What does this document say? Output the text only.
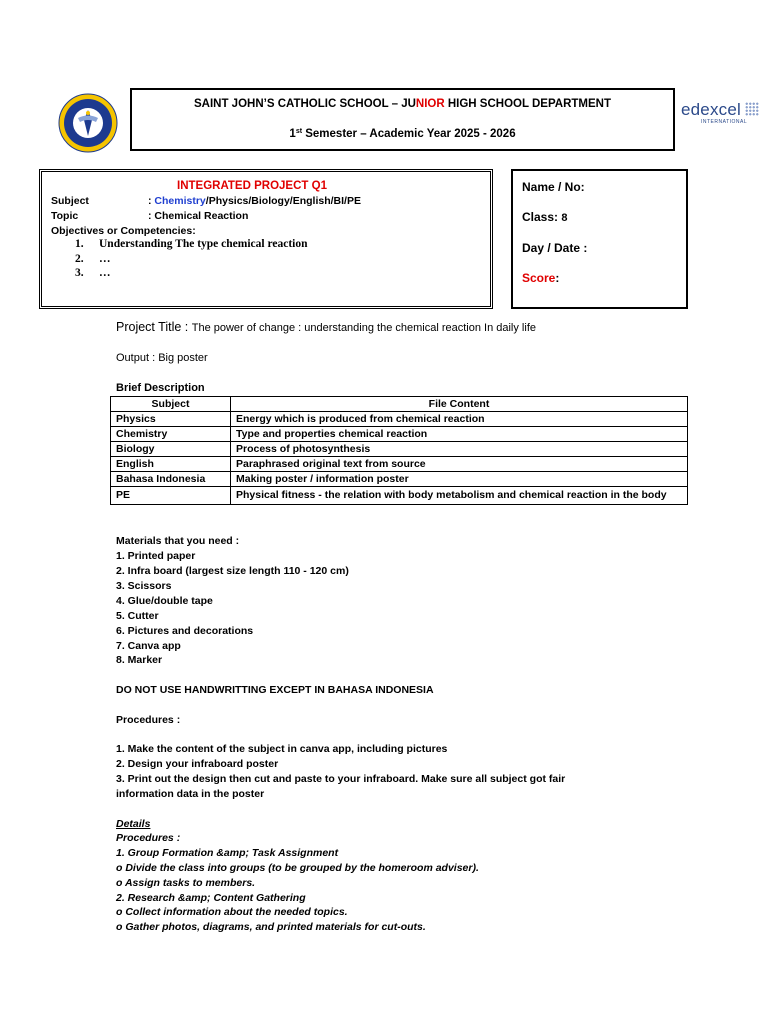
edexcel
INTERNATIONAL
SAINT JOHN’S CATHOLIC SCHOOL – JUNIOR HIGH SCHOOL DEPARTMENT
1st Semester – Academic Year 2025 - 2026
INTEGRATED PROJECT Q1
Subject	: Chemistry/Physics/Biology/English/BI/PE
Topic	: Chemical Reaction
Objectives or Competencies:
1. Understanding The type chemical reaction
2. …
3. …
Name / No:
Class: 8
Day / Date :
Score:
Project Title : The power of change : understanding the chemical reaction In daily life
Output : Big poster
Brief Description
Subject	File Content
Physics	Energy which is produced from chemical reaction
Chemistry	Type and properties chemical reaction
Biology	Process of photosynthesis
English	Paraphrased original text from source
Bahasa Indonesia	Making poster / information poster
PE	Physical fitness - the relation with body metabolism and chemical reaction in the body
Materials that you need :
1. Printed paper
2. Infra board (largest size length 110 - 120 cm)
3. Scissors
4. Glue/double tape
5. Cutter
6. Pictures and decorations
7. Canva app
8. Marker
DO NOT USE HANDWRITTING EXCEPT IN BAHASA INDONESIA
Procedures :
1. Make the content of the subject in canva app, including pictures
2. Design your infraboard poster
3. Print out the design then cut and paste to your infraboard. Make sure all subject got fair
information data in the poster
Details
Procedures :
1. Group Formation &amp; Task Assignment
o Divide the class into groups (to be grouped by the homeroom adviser).
o Assign tasks to members.
2. Research &amp; Content Gathering
o Collect information about the needed topics.
o Gather photos, diagrams, and printed materials for cut-outs.
